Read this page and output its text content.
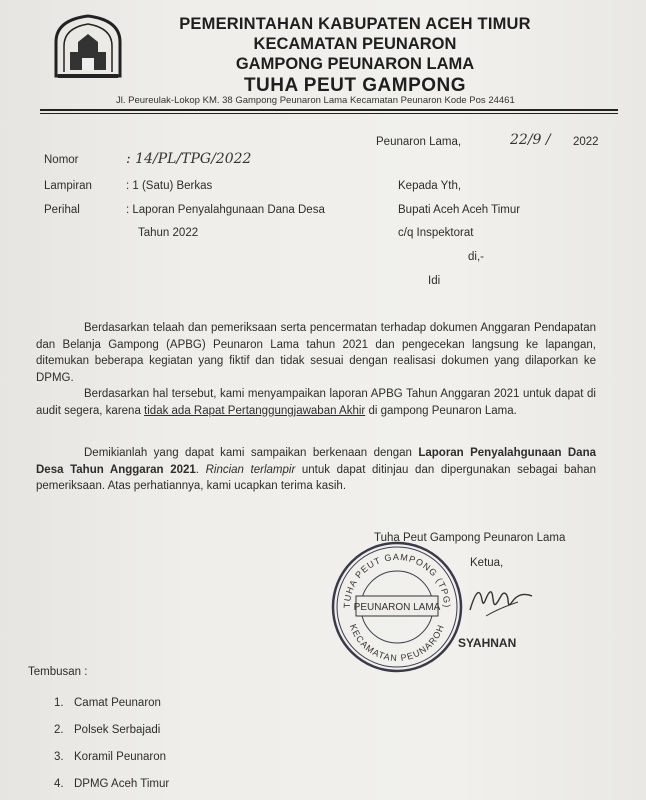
PEMERINTAHAN KABUPATEN ACEH TIMUR
KECAMATAN PEUNARON
GAMPONG PEUNARON LAMA
TUHA PEUT GAMPONG
Jl. Peureulak-Lokop KM. 38 Gampong Peunaron Lama Kecamatan Peunaron Kode Pos 24461
Peunaron Lama,	22/9 / 2022
Nomor	: 14/PL/TPG/2022
Lampiran	: 1 (Satu) Berkas
Perihal	: Laporan Penyalahgunaan Dana Desa
Tahun 2022
Kepada Yth,
Bupati Aceh Aceh Timur
c/q Inspektorat
di,-
Idi
Berdasarkan telaah dan pemeriksaan serta pencermatan terhadap dokumen Anggaran Pendapatan dan Belanja Gampong (APBG) Peunaron Lama tahun 2021 dan pengecekan langsung ke lapangan, ditemukan beberapa kegiatan yang fiktif dan tidak sesuai dengan realisasi dokumen yang dilaporkan ke DPMG.
Berdasarkan hal tersebut, kami menyampaikan laporan APBG Tahun Anggaran 2021 untuk dapat di audit segera, karena tidak ada Rapat Pertanggungjawaban Akhir di gampong Peunaron Lama.
Demikianlah yang dapat kami sampaikan berkenaan dengan Laporan Penyalahgunaan Dana Desa Tahun Anggaran 2021. Rincian terlampir untuk dapat ditinjau dan dipergunakan sebagai bahan pemeriksaan. Atas perhatiannya, kami ucapkan terima kasih.
Tuha Peut Gampong Peunaron Lama
Ketua,
TUHA PEUT GAMPONG (TPG)
KECAMATAN PEUNAROH
PEUNARON LAMA
SYAHNAN
Tembusan :
1. Camat Peunaron
2. Polsek Serbajadi
3. Koramil Peunaron
4. DPMG Aceh Timur
